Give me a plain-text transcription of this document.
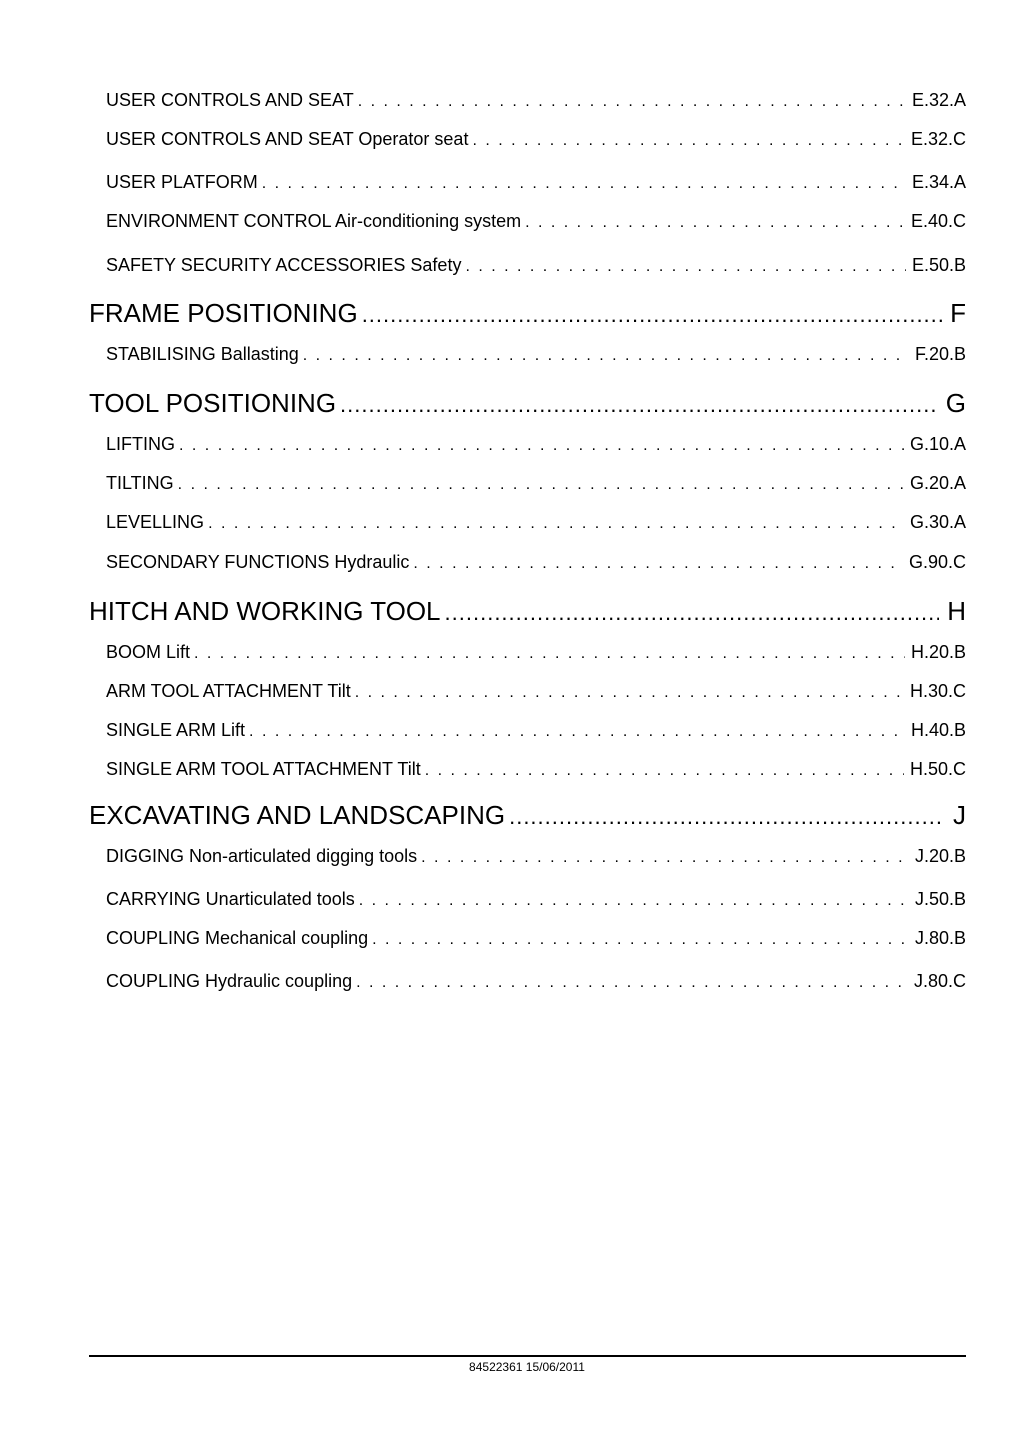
USER CONTROLS AND SEAT . . .	E.32.A
USER CONTROLS AND SEAT Operator seat . . .	E.32.C
USER PLATFORM . . .	E.34.A
ENVIRONMENT CONTROL Air-conditioning system . . .	E.40.C
SAFETY SECURITY ACCESSORIES Safety . . .	E.50.B
FRAME POSITIONING .....	F
STABILISING Ballasting . . .	F.20.B
TOOL POSITIONING .....	G
LIFTING . . .	G.10.A
TILTING . . .	G.20.A
LEVELLING . . .	G.30.A
SECONDARY FUNCTIONS Hydraulic . . .	G.90.C
HITCH AND WORKING TOOL .....	H
BOOM Lift . . .	H.20.B
ARM TOOL ATTACHMENT Tilt . . .	H.30.C
SINGLE ARM Lift . . .	H.40.B
SINGLE ARM TOOL ATTACHMENT Tilt . . .	H.50.C
EXCAVATING AND LANDSCAPING .....	J
DIGGING Non-articulated digging tools . . .	J.20.B
CARRYING Unarticulated tools . . .	J.50.B
COUPLING Mechanical coupling . . .	J.80.B
COUPLING Hydraulic coupling . . .	J.80.C
84522361 15/06/2011
